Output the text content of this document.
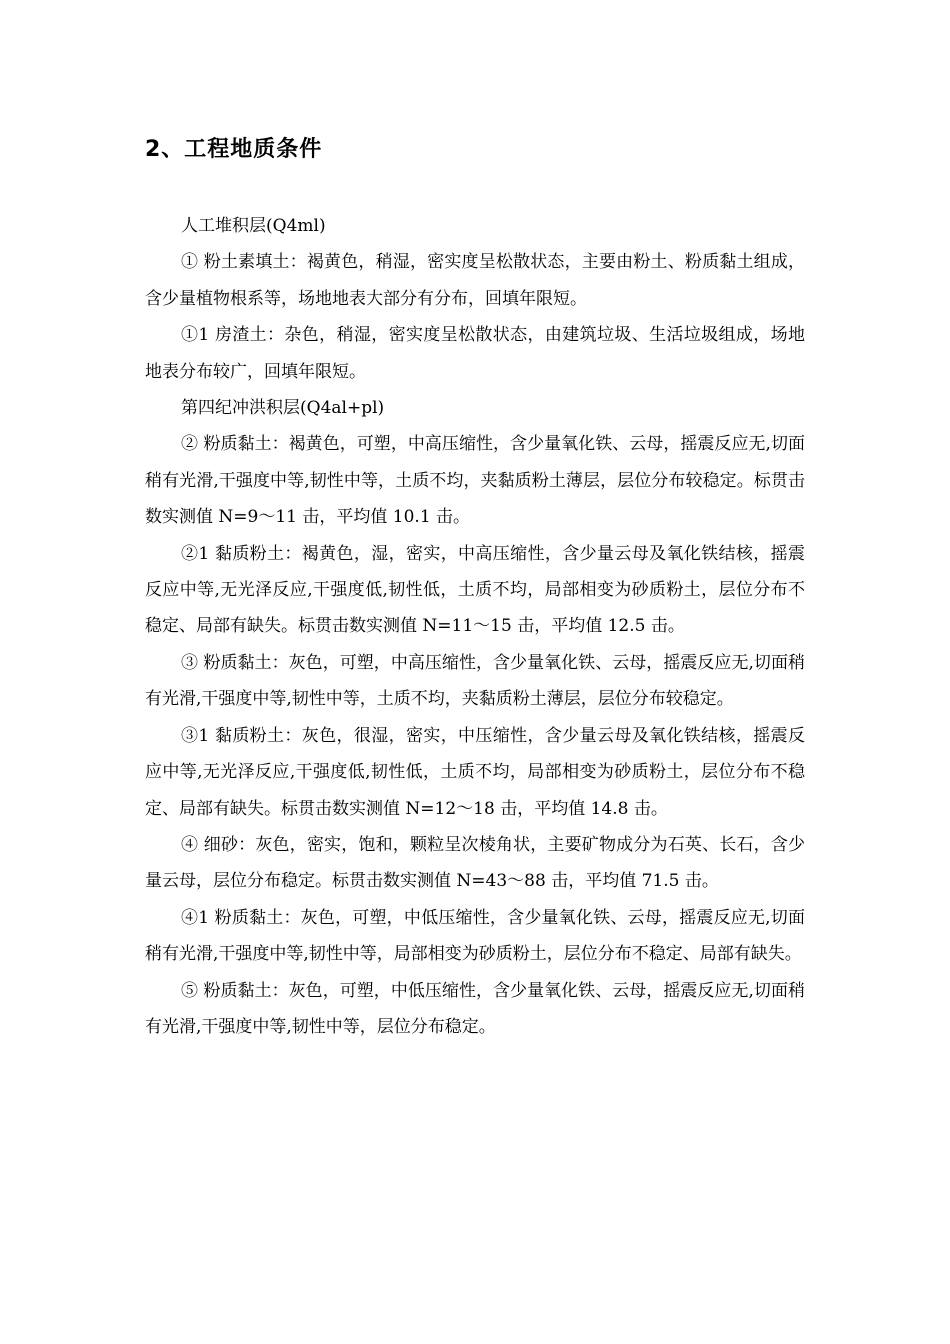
2、工程地质条件

人工堆积层(Q4ml)

① 粉土素填土：褐黄色，稍湿，密实度呈松散状态，主要由粉土、粉质黏土组成，含少量植物根系等，场地地表大部分有分布，回填年限短。

①1 房渣土：杂色，稍湿，密实度呈松散状态，由建筑垃圾、生活垃圾组成，场地地表分布较广，回填年限短。

第四纪冲洪积层(Q4al+pl)

② 粉质黏土：褐黄色，可塑，中高压缩性，含少量氧化铁、云母，摇震反应无,切面稍有光滑,干强度中等,韧性中等，土质不均，夹黏质粉土薄层，层位分布较稳定。标贯击数实测值 N=9～11 击，平均值 10.1 击。

②1 黏质粉土：褐黄色，湿，密实，中高压缩性，含少量云母及氧化铁结核，摇震反应中等,无光泽反应,干强度低,韧性低，土质不均，局部相变为砂质粉土，层位分布不稳定、局部有缺失。标贯击数实测值 N=11～15 击，平均值 12.5 击。

③ 粉质黏土：灰色，可塑，中高压缩性，含少量氧化铁、云母，摇震反应无,切面稍有光滑,干强度中等,韧性中等，土质不均，夹黏质粉土薄层，层位分布较稳定。

③1 黏质粉土：灰色，很湿，密实，中压缩性，含少量云母及氧化铁结核，摇震反应中等,无光泽反应,干强度低,韧性低，土质不均，局部相变为砂质粉土，层位分布不稳定、局部有缺失。标贯击数实测值 N=12～18 击，平均值 14.8 击。

④ 细砂：灰色，密实，饱和，颗粒呈次棱角状，主要矿物成分为石英、长石，含少量云母，层位分布稳定。标贯击数实测值 N=43～88 击，平均值 71.5 击。

④1 粉质黏土：灰色，可塑，中低压缩性，含少量氧化铁、云母，摇震反应无,切面稍有光滑,干强度中等,韧性中等，局部相变为砂质粉土，层位分布不稳定、局部有缺失。

⑤ 粉质黏土：灰色，可塑，中低压缩性，含少量氧化铁、云母，摇震反应无,切面稍有光滑,干强度中等,韧性中等，层位分布稳定。
